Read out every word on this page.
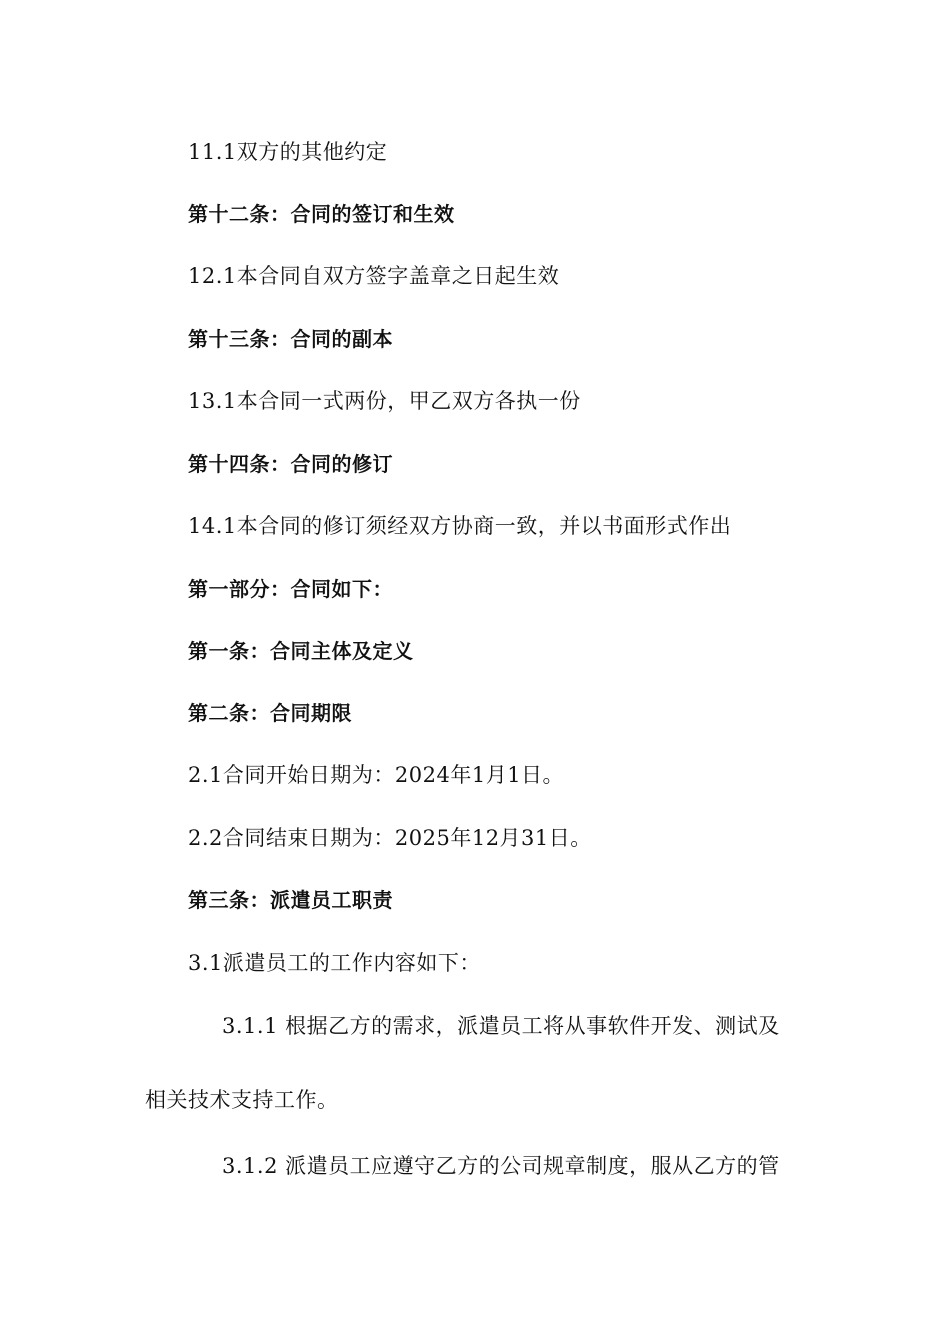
11.1双方的其他约定
第十二条：合同的签订和生效
12.1本合同自双方签字盖章之日起生效
第十三条：合同的副本
13.1本合同一式两份，甲乙双方各执一份
第十四条：合同的修订
14.1本合同的修订须经双方协商一致，并以书面形式作出
第一部分：合同如下：
第一条：合同主体及定义
第二条：合同期限
2.1合同开始日期为：2024年1月1日。
2.2合同结束日期为：2025年12月31日。
第三条：派遣员工职责
3.1派遣员工的工作内容如下：
3.1.1 根据乙方的需求，派遣员工将从事软件开发、测试及
相关技术支持工作。
3.1.2 派遣员工应遵守乙方的公司规章制度，服从乙方的管
